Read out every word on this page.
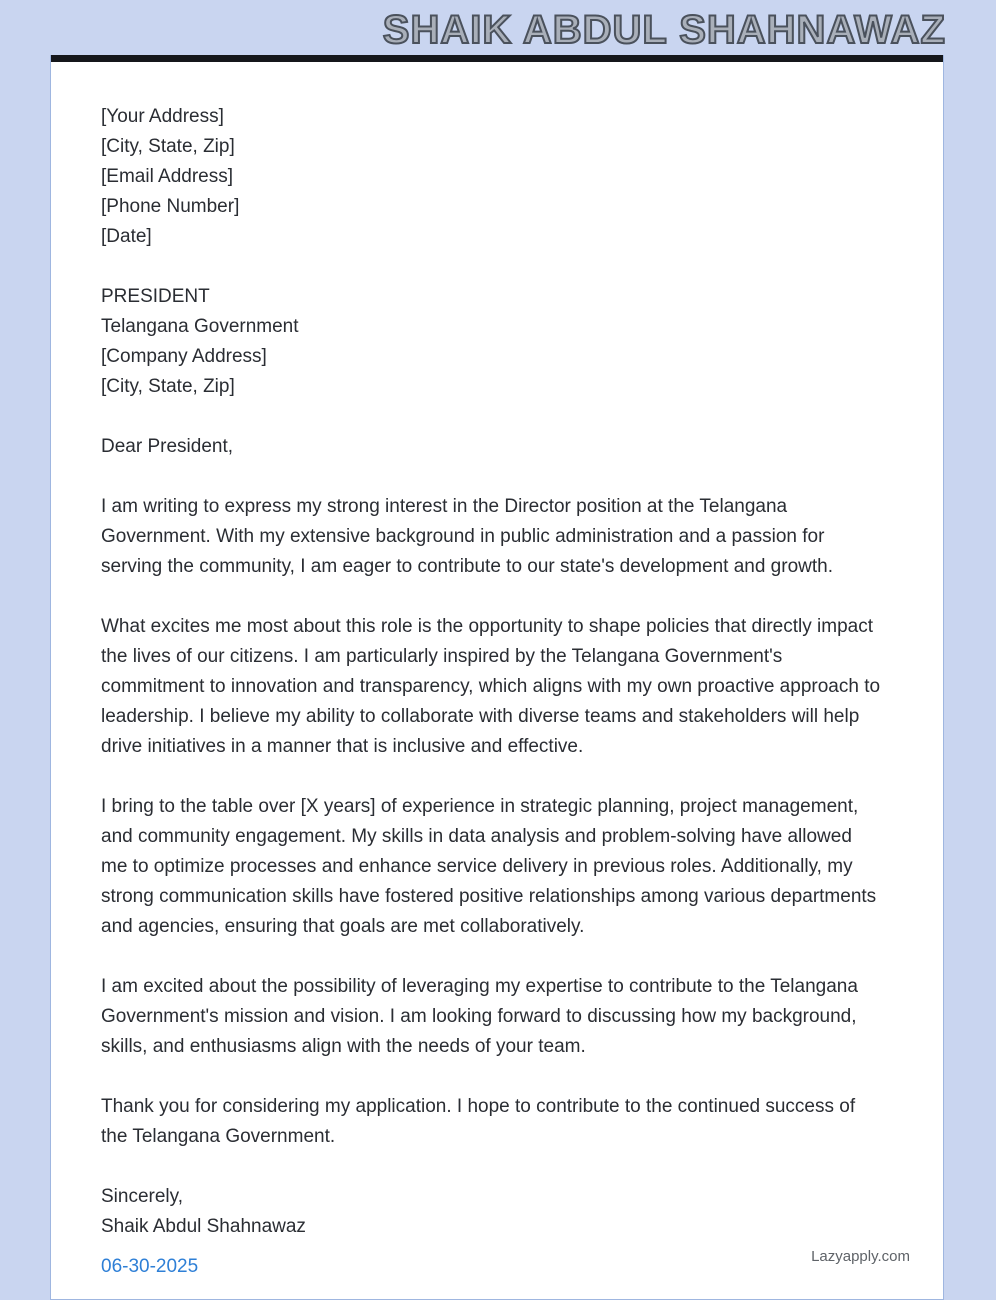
SHAIK ABDUL SHAHNAWAZ
[Your Address]
[City, State, Zip]
[Email Address]
[Phone Number]
[Date]
PRESIDENT
Telangana Government
[Company Address]
[City, State, Zip]
Dear President,

I am writing to express my strong interest in the Director position at the Telangana Government. With my extensive background in public administration and a passion for serving the community, I am eager to contribute to our state's development and growth.

What excites me most about this role is the opportunity to shape policies that directly impact the lives of our citizens. I am particularly inspired by the Telangana Government's commitment to innovation and transparency, which aligns with my own proactive approach to leadership. I believe my ability to collaborate with diverse teams and stakeholders will help drive initiatives in a manner that is inclusive and effective.

I bring to the table over [X years] of experience in strategic planning, project management, and community engagement. My skills in data analysis and problem-solving have allowed me to optimize processes and enhance service delivery in previous roles. Additionally, my strong communication skills have fostered positive relationships among various departments and agencies, ensuring that goals are met collaboratively.

I am excited about the possibility of leveraging my expertise to contribute to the Telangana Government's mission and vision. I am looking forward to discussing how my background, skills, and enthusiasms align with the needs of your team.

Thank you for considering my application. I hope to contribute to the continued success of the Telangana Government.

Sincerely,
Shaik Abdul Shahnawaz
06-30-2025	Lazyapply.com
